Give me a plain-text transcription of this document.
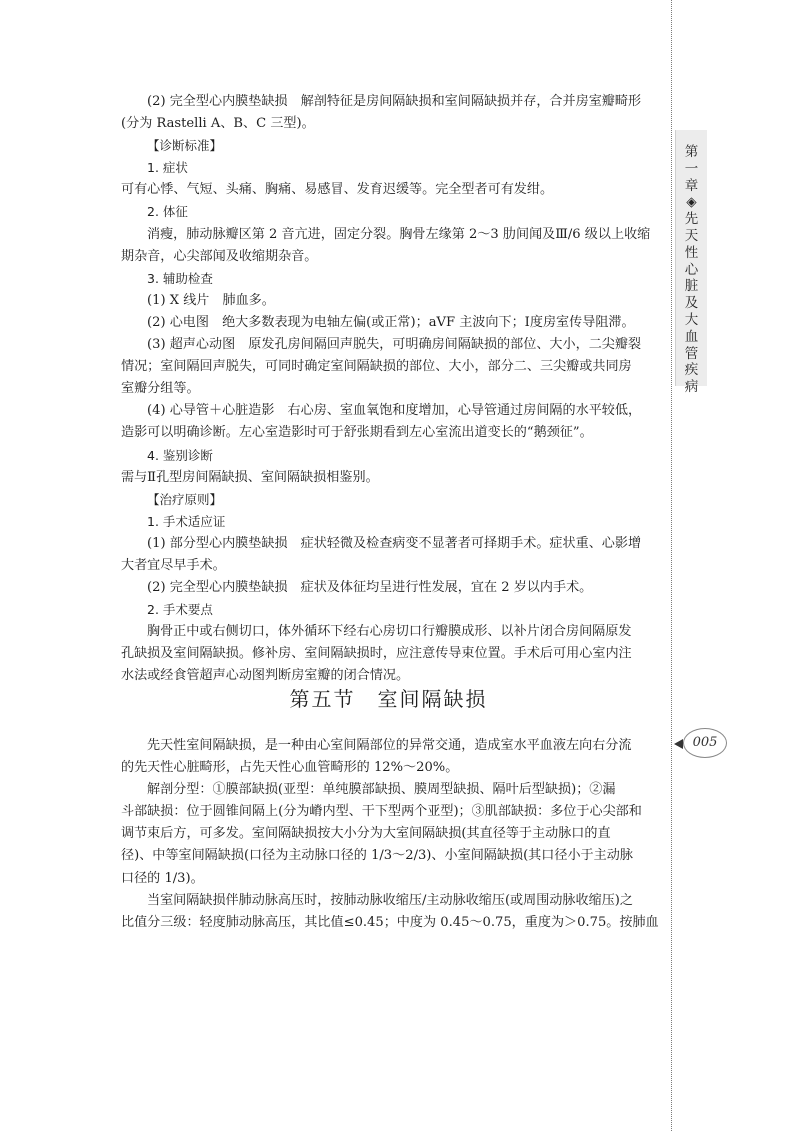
(2) 完全型心内膜垫缺损　解剖特征是房间隔缺损和室间隔缺损并存，合并房室瓣畸形
(分为 Rastelli A、B、C 三型)。
【诊断标准】
1. 症状
可有心悸、气短、头痛、胸痛、易感冒、发育迟缓等。完全型者可有发绀。
2. 体征
消瘦，肺动脉瓣区第 2 音亢进，固定分裂。胸骨左缘第 2～3 肋间闻及Ⅲ/6 级以上收缩
期杂音，心尖部闻及收缩期杂音。
3. 辅助检查
(1) X 线片　肺血多。
(2) 心电图　绝大多数表现为电轴左偏(或正常)；aVF 主波向下；Ⅰ度房室传导阻滞。
(3) 超声心动图　原发孔房间隔回声脱失，可明确房间隔缺损的部位、大小，二尖瓣裂
情况；室间隔回声脱失，可同时确定室间隔缺损的部位、大小，部分二、三尖瓣或共同房
室瓣分组等。
(4) 心导管＋心脏造影　右心房、室血氧饱和度增加，心导管通过房间隔的水平较低，
造影可以明确诊断。左心室造影时可于舒张期看到左心室流出道变长的“鹅颈征”。
4. 鉴别诊断
需与Ⅱ孔型房间隔缺损、室间隔缺损相鉴别。
【治疗原则】
1. 手术适应证
(1) 部分型心内膜垫缺损　症状轻微及检查病变不显著者可择期手术。症状重、心影增
大者宜尽早手术。
(2) 完全型心内膜垫缺损　症状及体征均呈进行性发展，宜在 2 岁以内手术。
2. 手术要点
胸骨正中或右侧切口，体外循环下经右心房切口行瓣膜成形、以补片闭合房间隔原发
孔缺损及室间隔缺损。修补房、室间隔缺损时，应注意传导束位置。手术后可用心室内注
水法或经食管超声心动图判断房室瓣的闭合情况。
第五节　室间隔缺损
先天性室间隔缺损，是一种由心室间隔部位的异常交通，造成室水平血液左向右分流
的先天性心脏畸形，占先天性心血管畸形的 12%～20%。
解剖分型：①膜部缺损(亚型：单纯膜部缺损、膜周型缺损、隔叶后型缺损)；②漏
斗部缺损：位于圆锥间隔上(分为嵴内型、干下型两个亚型)；③肌部缺损：多位于心尖部和
调节束后方，可多发。室间隔缺损按大小分为大室间隔缺损(其直径等于主动脉口的直
径)、中等室间隔缺损(口径为主动脉口径的 1/3～2/3)、小室间隔缺损(其口径小于主动脉
口径的 1/3)。
当室间隔缺损伴肺动脉高压时，按肺动脉收缩压/主动脉收缩压(或周围动脉收缩压)之
比值分三级：轻度肺动脉高压，其比值≤0.45；中度为 0.45～0.75，重度为＞0.75。按肺血
第
一
章
◈
先
天
性
心
脏
及
大
血
管
疾
病
005
